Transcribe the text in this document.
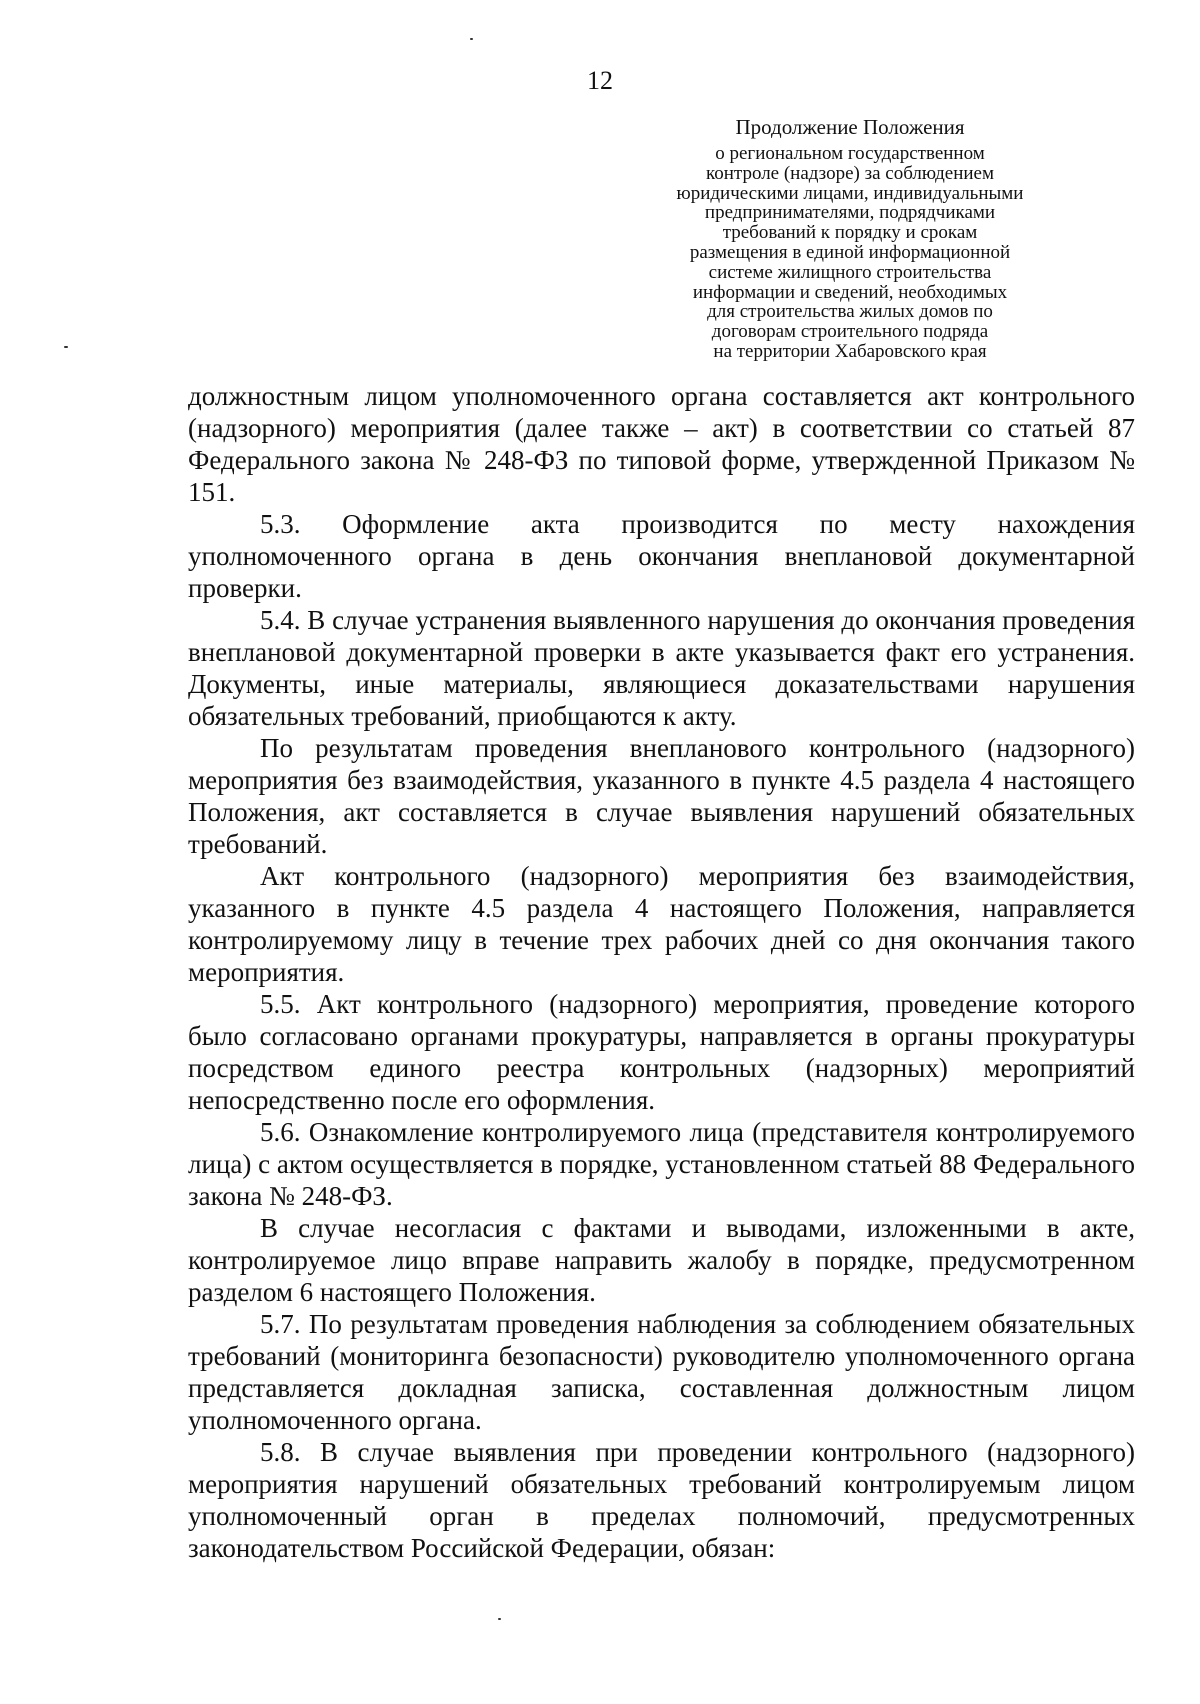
12
Продолжение Положения
о региональном государственном
контроле (надзоре) за соблюдением
юридическими лицами, индивидуальными
предпринимателями, подрядчиками
требований к порядку и срокам
размещения в единой информационной
системе жилищного строительства
информации и сведений, необходимых
для строительства жилых домов по
договорам строительного подряда
на территории Хабаровского края

должностным лицом уполномоченного органа составляется акт контрольного (надзорного) мероприятия (далее также – акт) в соответствии со статьей 87 Федерального закона № 248-ФЗ по типовой форме, утвержденной Приказом № 151.

5.3. Оформление акта производится по месту нахождения уполномоченного органа в день окончания внеплановой документарной проверки.

5.4. В случае устранения выявленного нарушения до окончания проведения внеплановой документарной проверки в акте указывается факт его устранения. Документы, иные материалы, являющиеся доказательствами нарушения обязательных требований, приобщаются к акту.

По результатам проведения внепланового контрольного (надзорного) мероприятия без взаимодействия, указанного в пункте 4.5 раздела 4 настоящего Положения, акт составляется в случае выявления нарушений обязательных требований.

Акт контрольного (надзорного) мероприятия без взаимодействия, указанного в пункте 4.5 раздела 4 настоящего Положения, направляется контролируемому лицу в течение трех рабочих дней со дня окончания такого мероприятия.

5.5. Акт контрольного (надзорного) мероприятия, проведение которого было согласовано органами прокуратуры, направляется в органы прокуратуры посредством единого реестра контрольных (надзорных) мероприятий непосредственно после его оформления.

5.6. Ознакомление контролируемого лица (представителя контролируемого лица) с актом осуществляется в порядке, установленном статьей 88 Федерального закона № 248-ФЗ.

В случае несогласия с фактами и выводами, изложенными в акте, контролируемое лицо вправе направить жалобу в порядке, предусмотренном разделом 6 настоящего Положения.

5.7. По результатам проведения наблюдения за соблюдением обязательных требований (мониторинга безопасности) руководителю уполномоченного органа представляется докладная записка, составленная должностным лицом уполномоченного органа.

5.8. В случае выявления при проведении контрольного (надзорного) мероприятия нарушений обязательных требований контролируемым лицом уполномоченный орган в пределах полномочий, предусмотренных законодательством Российской Федерации, обязан:
